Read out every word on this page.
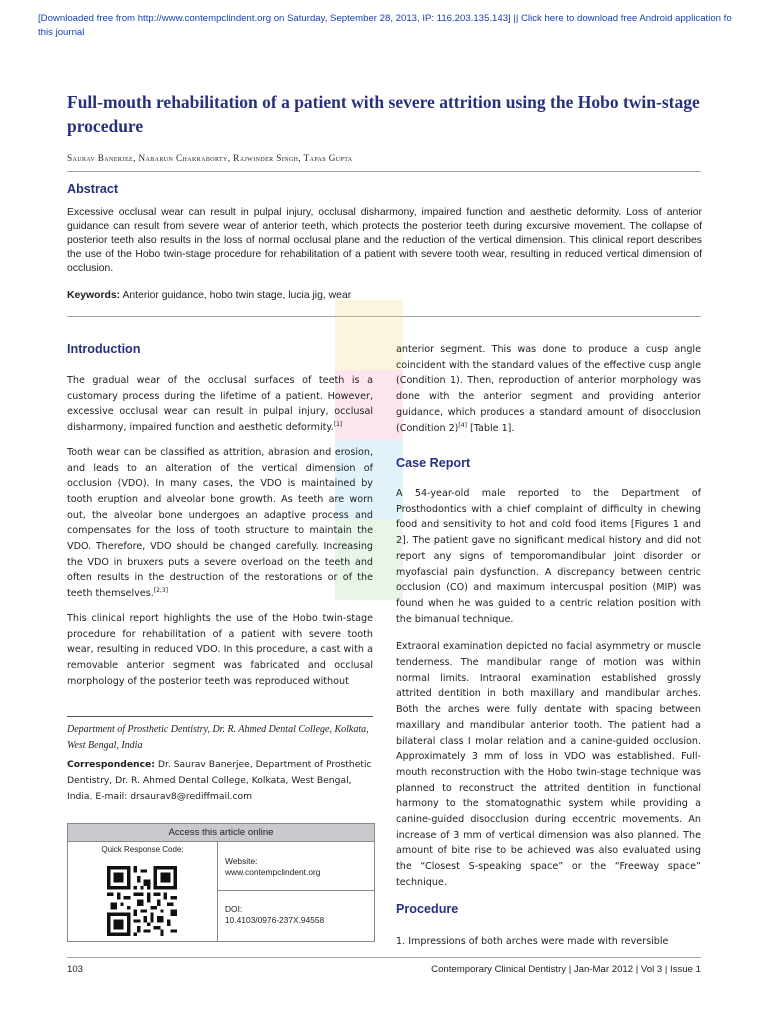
[Downloaded free from http://www.contempclindent.org on Saturday, September 28, 2013, IP: 116.203.135.143] || Click here to download free Android application fo
this journal
Full-mouth rehabilitation of a patient with severe attrition using the Hobo twin-stage procedure
Saurav Banerjee, Nabarun Chakraborty, Rajwinder Singh, Tapas Gupta
Abstract
Excessive occlusal wear can result in pulpal injury, occlusal disharmony, impaired function and aesthetic deformity. Loss of anterior guidance can result from severe wear of anterior teeth, which protects the posterior teeth during excursive movement. The collapse of posterior teeth also results in the loss of normal occlusal plane and the reduction of the vertical dimension. This clinical report describes the use of the Hobo twin-stage procedure for rehabilitation of a patient with severe tooth wear, resulting in reduced vertical dimension of occlusion.
Keywords: Anterior guidance, hobo twin stage, lucia jig, wear
Introduction

The gradual wear of the occlusal surfaces of teeth is a customary process during the lifetime of a patient. However, excessive occlusal wear can result in pulpal injury, occlusal disharmony, impaired function and aesthetic deformity.[1]

Tooth wear can be classified as attrition, abrasion and erosion, and leads to an alteration of the vertical dimension of occlusion (VDO). In many cases, the VDO is maintained by tooth eruption and alveolar bone growth. As teeth are worn out, the alveolar bone undergoes an adaptive process and compensates for the loss of tooth structure to maintain the VDO. Therefore, VDO should be changed carefully. Increasing the VDO in bruxers puts a severe overload on the teeth and often results in the destruction of the restorations or of the teeth themselves.[2,3]

This clinical report highlights the use of the Hobo twin-stage procedure for rehabilitation of a patient with severe tooth wear, resulting in reduced VDO. In this procedure, a cast with a removable anterior segment was fabricated and occlusal morphology of the posterior teeth was reproduced without

Department of Prosthetic Dentistry, Dr. R. Ahmed Dental College, Kolkata, West Bengal, India
Correspondence: Dr. Saurav Banerjee, Department of Prosthetic Dentistry, Dr. R. Ahmed Dental College, Kolkata, West Bengal, India. E-mail: drsaurav8@rediffmail.com
Access this article online
Quick Response Code:
Website:
www.contempclindent.org
DOI:
10.4103/0976-237X.94558

anterior segment. This was done to produce a cusp angle coincident with the standard values of the effective cusp angle (Condition 1). Then, reproduction of anterior morphology was done with the anterior segment and providing anterior guidance, which produces a standard amount of disocclusion (Condition 2)[4] [Table 1].

Case Report

A 54-year-old male reported to the Department of Prosthodontics with a chief complaint of difficulty in chewing food and sensitivity to hot and cold food items [Figures 1 and 2]. The patient gave no significant medical history and did not report any signs of temporomandibular joint disorder or myofascial pain dysfunction. A discrepancy between centric occlusion (CO) and maximum intercuspal position (MIP) was found when he was guided to a centric relation position with the bimanual technique.

Extraoral examination depicted no facial asymmetry or muscle tenderness. The mandibular range of motion was within normal limits. Intraoral examination established grossly attrited dentition in both maxillary and mandibular arches. Both the arches were fully dentate with spacing between maxillary and mandibular anterior tooth. The patient had a bilateral class I molar relation and a canine-guided occlusion. Approximately 3 mm of loss in VDO was established. Full-mouth reconstruction with the Hobo twin-stage technique was planned to reconstruct the attrited dentition in functional harmony to the stomatognathic system while providing a canine-guided disocclusion during eccentric movements. An increase of 3 mm of vertical dimension was also planned. The amount of bite rise to be achieved was also evaluated using the “Closest S-speaking space” or the “Freeway space” technique.

Procedure
1. Impressions of both arches were made with reversible
103	Contemporary Clinical Dentistry | Jan-Mar 2012 | Vol 3 | Issue 1
